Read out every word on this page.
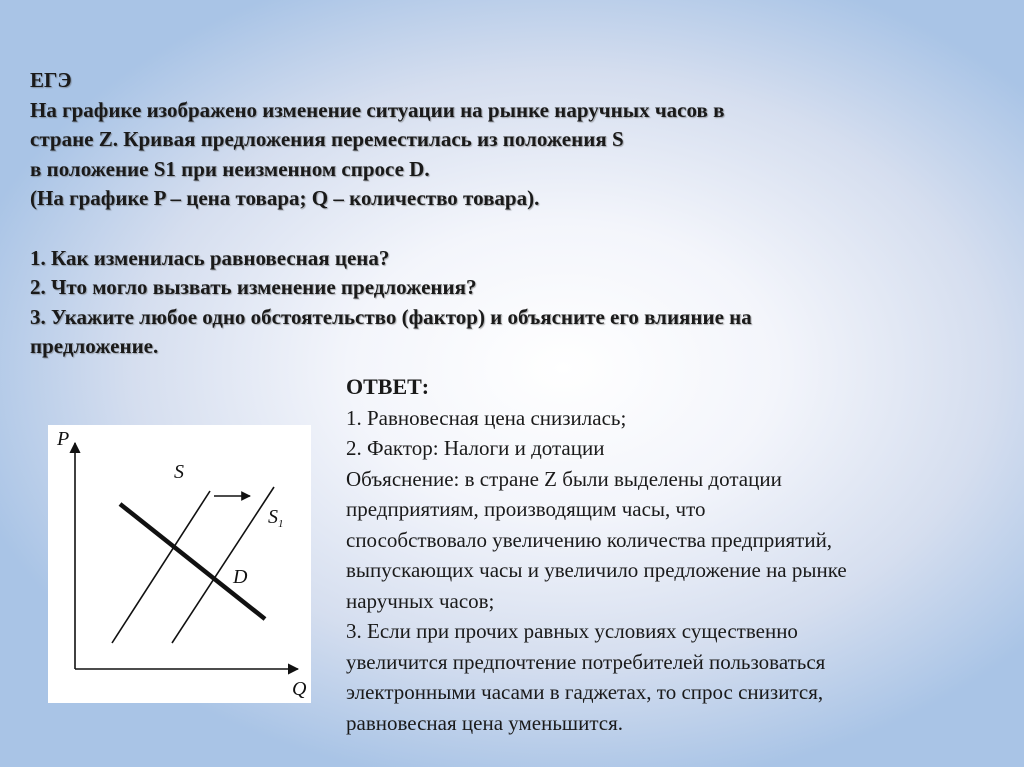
ЕГЭ
На графике изображено изменение ситуации на рынке наручных часов в
стране Z. Кривая предложения переместилась из положения S
в положение S1 при неизменном спросе D.
(На графике P – цена товара; Q – количество товара).
1. Как изменилась равновесная цена?
2. Что могло вызвать изменение предложения?
3. Укажите любое одно обстоятельство (фактор) и объясните его влияние на
предложение.
P
Q
S
$S_1$
D
ОТВЕТ:
1. Равновесная цена снизилась;
2. Фактор: Налоги и дотации
Объяснение: в стране Z были выделены дотации
предприятиям, производящим часы, что
способствовало увеличению количества предприятий,
выпускающих часы и увеличило предложение на рынке
наручных часов;
3. Если при прочих равных условиях существенно
увеличится предпочтение потребителей пользоваться
электронными часами в гаджетах, то спрос снизится,
равновесная цена уменьшится.
